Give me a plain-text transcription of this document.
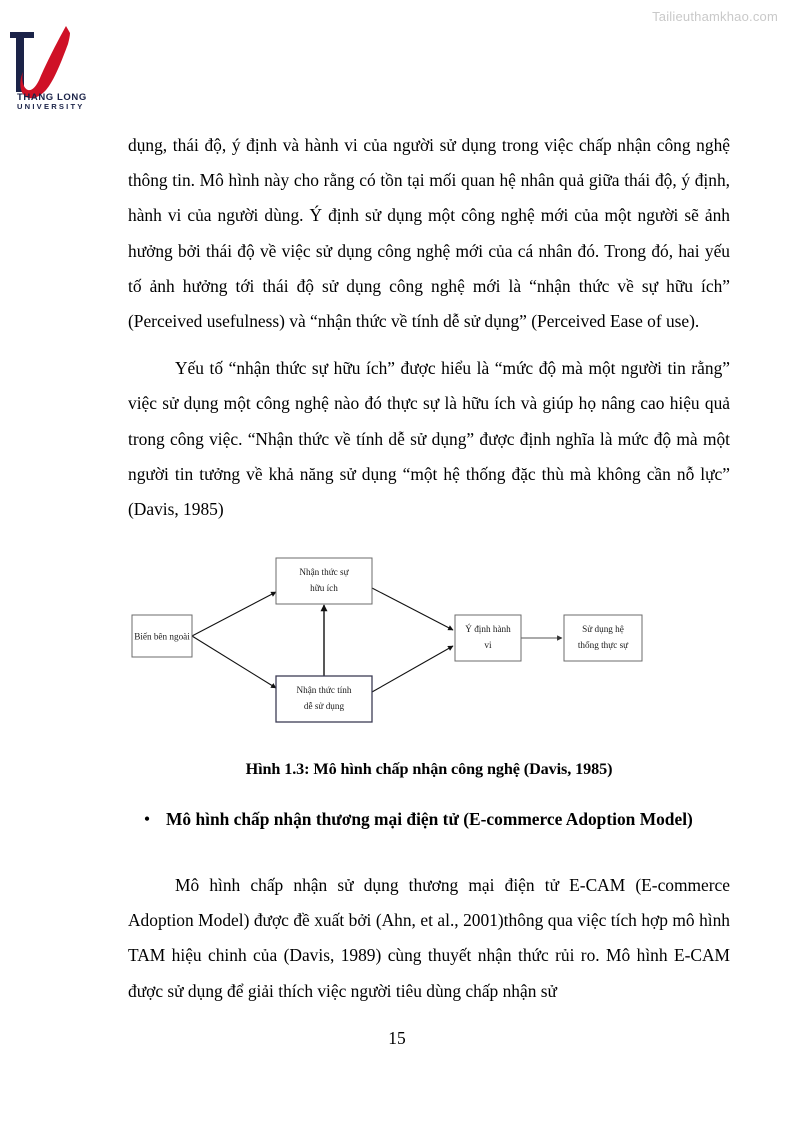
Tailieuthamkhao.com
THANG LONG
UNIVERSITY

dụng, thái độ, ý định và hành vi của người sử dụng trong việc chấp nhận công nghệ thông tin. Mô hình này cho rằng có tồn tại mối quan hệ nhân quả giữa thái độ, ý định, hành vi của người dùng. Ý định sử dụng một công nghệ mới của một người sẽ ảnh hưởng bởi thái độ về việc sử dụng công nghệ mới của cá nhân đó. Trong đó, hai yếu tố ảnh hưởng tới thái độ sử dụng công nghệ mới là “nhận thức về sự hữu ích” (Perceived usefulness) và “nhận thức về tính dễ sử dụng” (Perceived Ease of use).

Yếu tố “nhận thức sự hữu ích” được hiểu là “mức độ mà một người tin rằng” việc sử dụng một công nghệ nào đó thực sự là hữu ích và giúp họ nâng cao hiệu quả trong công việc. “Nhận thức về tính dễ sử dụng” được định nghĩa là mức độ mà một người tin tưởng về khả năng sử dụng “một hệ thống đặc thù mà không cần nỗ lực” (Davis, 1985)

Biến bên ngoài
Nhận thức sự
hữu ích
Nhận thức tính
dễ sử dụng
Ý định hành
vi
Sử dụng hệ
thống thực sự
Hình 1.3: Mô hình chấp nhận công nghệ (Davis, 1985)
• Mô hình chấp nhận thương mại điện tử (E-commerce Adoption Model)

Mô hình chấp nhận sử dụng thương mại điện tử E-CAM (E-commerce Adoption Model) được đề xuất bởi (Ahn, et al., 2001)thông qua việc tích hợp mô hình TAM hiệu chinh của (Davis, 1989) cùng thuyết nhận thức rủi ro. Mô hình E-CAM được sử dụng để giải thích việc người tiêu dùng chấp nhận sử

15
